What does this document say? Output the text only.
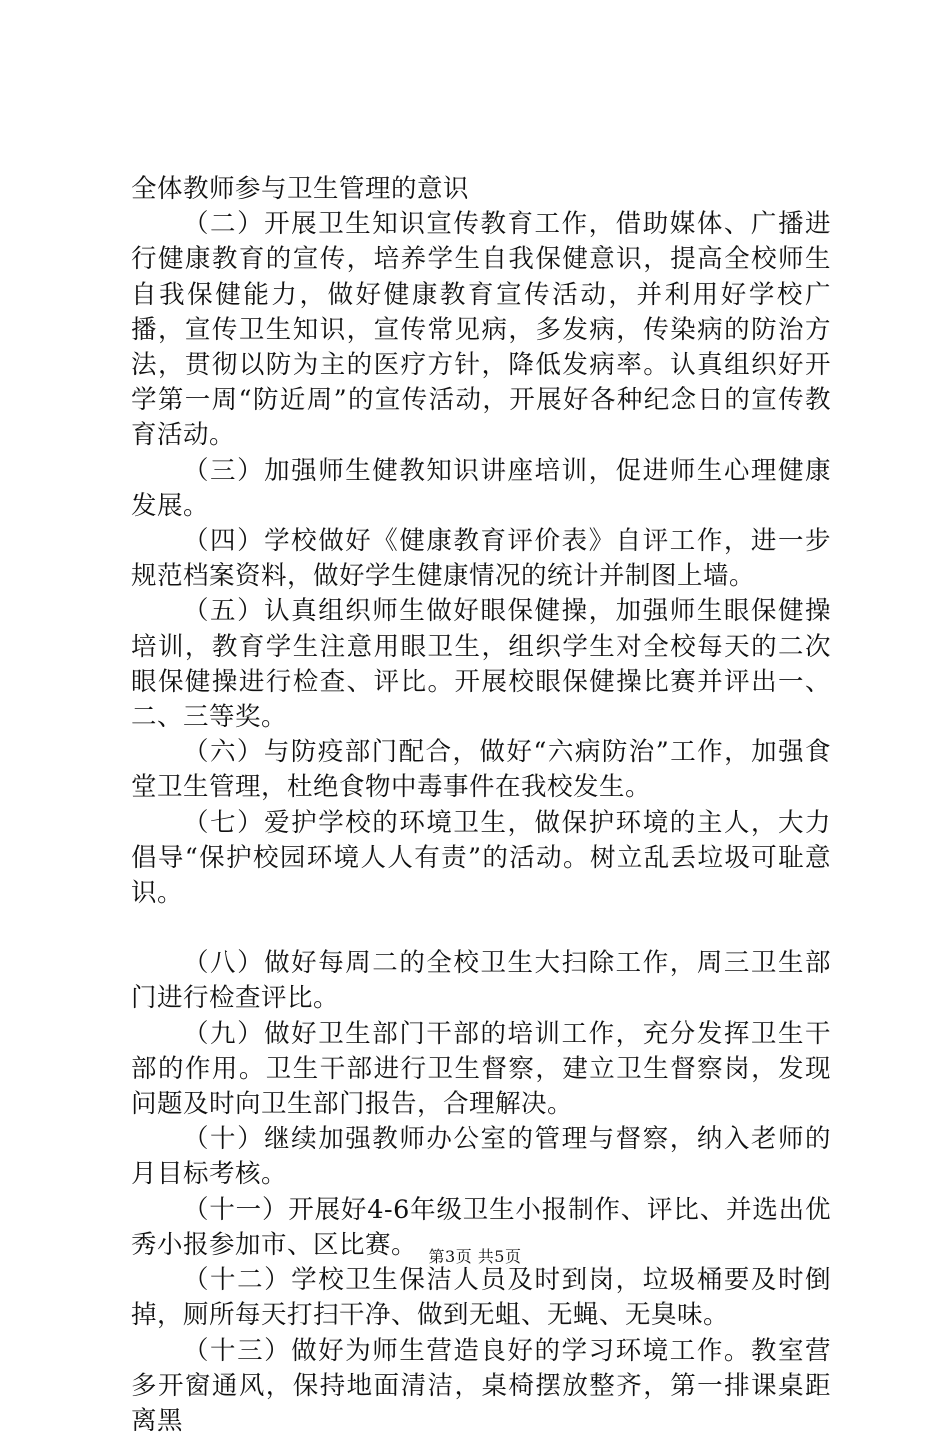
全体教师参与卫生管理的意识

（二）开展卫生知识宣传教育工作，借助媒体、广播进行健康教育的宣传，培养学生自我保健意识，提高全校师生自我保健能力，做好健康教育宣传活动，并利用好学校广播，宣传卫生知识，宣传常见病，多发病，传染病的防治方法，贯彻以防为主的医疗方针，降低发病率。认真组织好开学第一周“防近周”的宣传活动，开展好各种纪念日的宣传教育活动。

（三）加强师生健教知识讲座培训，促进师生心理健康发展。

（四）学校做好《健康教育评价表》自评工作，进一步规范档案资料，做好学生健康情况的统计并制图上墙。

（五）认真组织师生做好眼保健操，加强师生眼保健操培训，教育学生注意用眼卫生，组织学生对全校每天的二次眼保健操进行检查、评比。开展校眼保健操比赛并评出一、二、三等奖。

（六）与防疫部门配合，做好“六病防治”工作，加强食堂卫生管理，杜绝食物中毒事件在我校发生。

（七）爱护学校的环境卫生，做保护环境的主人，大力倡导“保护校园环境人人有责”的活动。树立乱丢垃圾可耻意识。

（八）做好每周二的全校卫生大扫除工作，周三卫生部门进行检查评比。

（九）做好卫生部门干部的培训工作，充分发挥卫生干部的作用。卫生干部进行卫生督察，建立卫生督察岗，发现问题及时向卫生部门报告，合理解决。

（十）继续加强教师办公室的管理与督察，纳入老师的月目标考核。

（十一）开展好4-6年级卫生小报制作、评比、并选出优秀小报参加市、区比赛。

（十二）学校卫生保洁人员及时到岗，垃圾桶要及时倒掉，厕所每天打扫干净、做到无蛆、无蝇、无臭味。

（十三）做好为师生营造良好的学习环境工作。教室营多开窗通风，保持地面清洁，桌椅摆放整齐，第一排课桌距离黑

第3页 共5页
